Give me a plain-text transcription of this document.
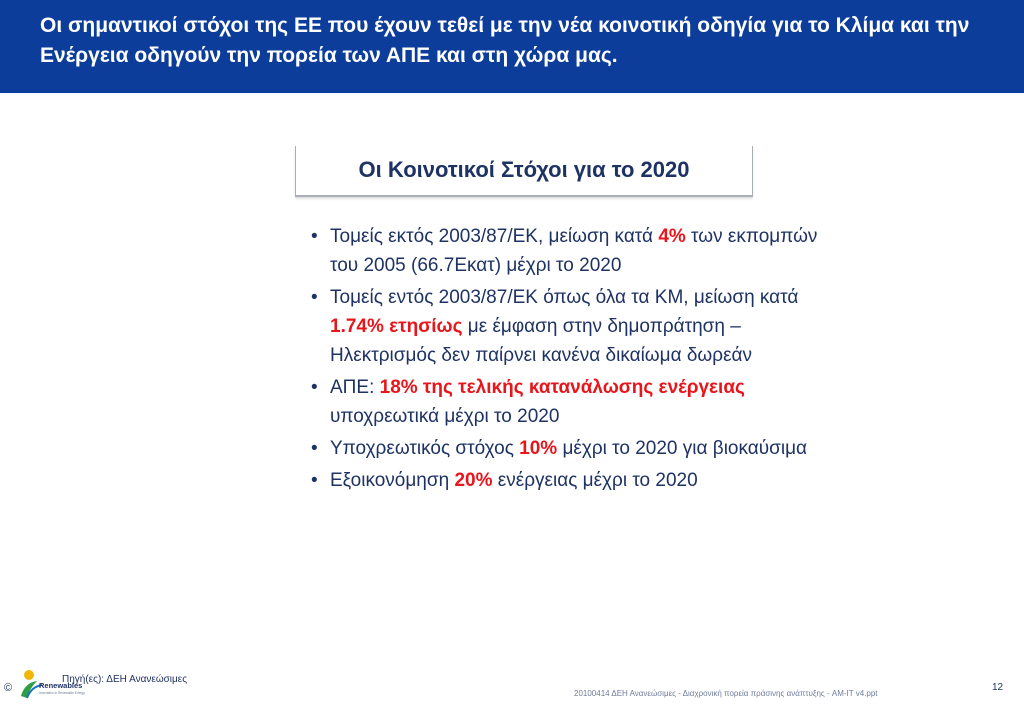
Οι σημαντικοί στόχοι της ΕΕ που έχουν τεθεί με την νέα κοινοτική οδηγία για το Κλίμα και την Ενέργεια οδηγούν την πορεία των ΑΠΕ και στη χώρα μας.
Οι Κοινοτικοί Στόχοι για το 2020
• Τομείς εκτός 2003/87/ΕΚ, μείωση κατά 4% των εκπομπών του 2005 (66.7Εκατ) μέχρι το 2020
• Τομείς εντός 2003/87/ΕΚ όπως όλα τα ΚΜ, μείωση κατά 1.74% ετησίως με έμφαση στην δημοπράτηση – Ηλεκτρισμός δεν παίρνει κανένα δικαίωμα δωρεάν
• ΑΠΕ: 18% της τελικής κατανάλωσης ενέργειας υποχρεωτικά μέχρι το 2020
• Υποχρεωτικός στόχος 10% μέχρι το 2020 για βιοκαύσιμα
• Εξοικονόμηση 20% ενέργειας μέχρι το 2020
©	Renewables
Innovation in Renewable Energy
Πηγή(ες): ΔΕΗ Ανανεώσιμες
20100414 ΔΕΗ Ανανεώσιμες - Διαχρονική πορεία πράσινης ανάπτυξης - AM-IT v4.ppt
12
